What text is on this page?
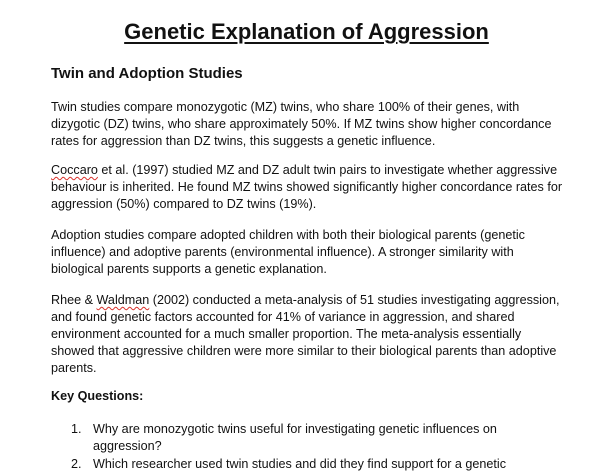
Genetic Explanation of Aggression
Twin and Adoption Studies

Twin studies compare monozygotic (MZ) twins, who share 100% of their genes, with
dizygotic (DZ) twins, who share approximately 50%. If MZ twins show higher concordance
rates for aggression than DZ twins, this suggests a genetic influence.

Coccaro et al. (1997) studied MZ and DZ adult twin pairs to investigate whether aggressive
behaviour is inherited. He found MZ twins showed significantly higher concordance rates for
aggression (50%) compared to DZ twins (19%).

Adoption studies compare adopted children with both their biological parents (genetic
influence) and adoptive parents (environmental influence). A stronger similarity with
biological parents supports a genetic explanation.

Rhee & Waldman (2002) conducted a meta-analysis of 51 studies investigating aggression,
and found genetic factors accounted for 41% of variance in aggression, and shared
environment accounted for a much smaller proportion. The meta-analysis essentially
showed that aggressive children were more similar to their biological parents than adoptive
parents.

Key Questions:

1. Why are monozygotic twins useful for investigating genetic influences on
aggression?
2. Which researcher used twin studies and did they find support for a genetic
